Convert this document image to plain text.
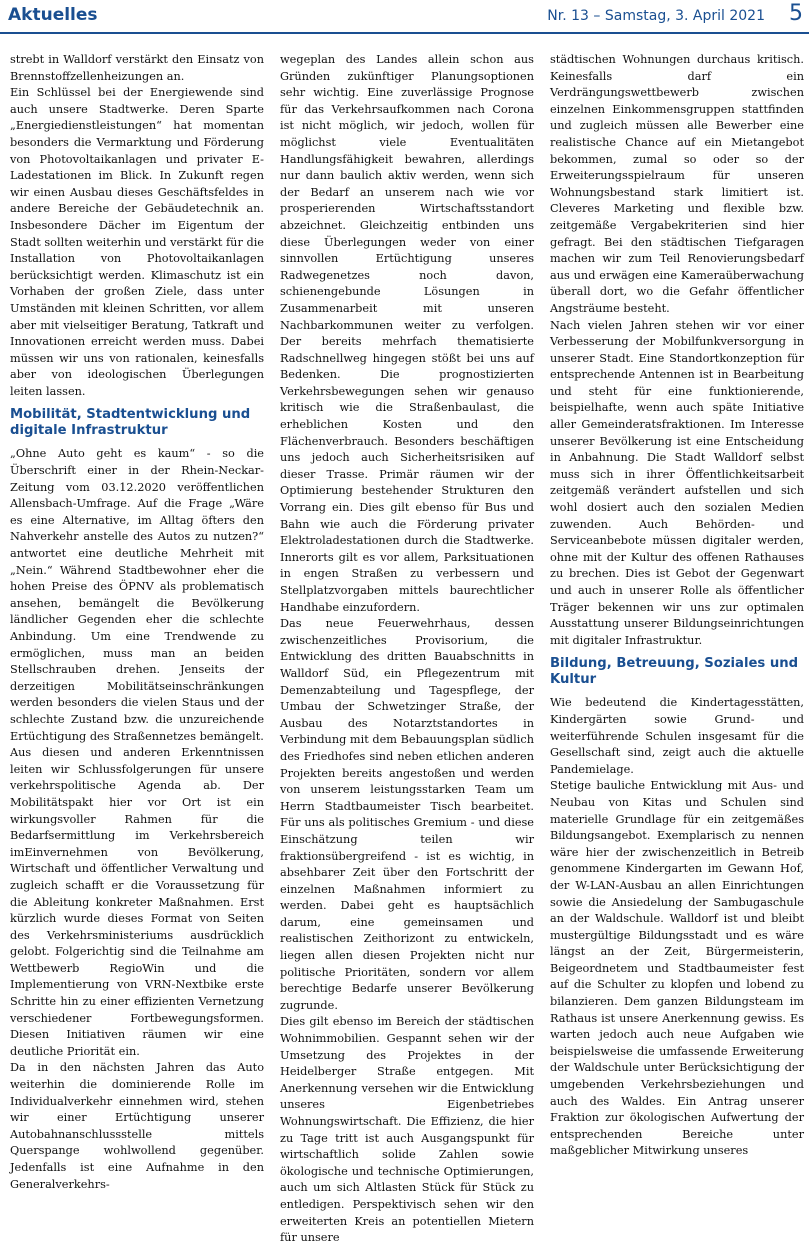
Aktuelles	Nr. 13 – Samstag, 3. April 2021 5

strebt in Walldorf verstärkt den Einsatz von Brennstoffzellenheizungen an.

Ein Schlüssel bei der Energiewende sind auch unsere Stadtwerke. Deren Sparte „Energiedienstleistungen“ hat momentan besonders die Vermarktung und Förderung von Photovoltaikanlagen und privater E-Ladestationen im Blick. In Zukunft regen wir einen Ausbau dieses Geschäftsfeldes in andere Bereiche der Gebäudetechnik an. Insbesondere Dächer im Eigentum der Stadt sollten weiterhin und verstärkt für die Installation von Photovoltaikanlagen berücksichtigt werden. Klimaschutz ist ein Vorhaben der großen Ziele, dass unter Umständen mit kleinen Schritten, vor allem aber mit vielseitiger Beratung, Tatkraft und Innovationen erreicht werden muss. Dabei müssen wir uns von rationalen, keinesfalls aber von ideologischen Überlegungen leiten lassen.

Mobilität, Stadtentwicklung und digitale Infrastruktur

„Ohne Auto geht es kaum“ - so die Überschrift einer in der Rhein-Neckar-Zeitung vom 03.12.2020 veröffentlichen Allensbach-Umfrage. Auf die Frage „Wäre es eine Alternative, im Alltag öfters den Nahverkehr anstelle des Autos zu nutzen?“ antwortet eine deutliche Mehrheit mit „Nein.“ Während Stadtbewohner eher die hohen Preise des ÖPNV als problematisch ansehen, bemängelt die Bevölkerung ländlicher Gegenden eher die schlechte Anbindung. Um eine Trendwende zu ermöglichen, muss man an beiden Stellschrauben drehen. Jenseits der derzeitigen Mobilitätseinschränkungen werden besonders die vielen Staus und der schlechte Zustand bzw. die unzureichende Ertüchtigung des Straßennetzes bemängelt.

Aus diesen und anderen Erkenntnissen leiten wir Schlussfolgerungen für unsere verkehrspolitische Agenda ab. Der Mobilitätspakt hier vor Ort ist ein wirkungsvoller Rahmen für die Bedarfsermittlung im Verkehrsbereich imEinvernehmen von Bevölkerung, Wirtschaft und öffentlicher Verwaltung und zugleich schafft er die Voraussetzung für die Ableitung konkreter Maßnahmen. Erst kürzlich wurde dieses Format von Seiten des Verkehrsministeriums ausdrücklich gelobt. Folgerichtig sind die Teilnahme am Wettbewerb RegioWin und die Implementierung von VRN-Nextbike erste Schritte hin zu einer effizienten Vernetzung verschiedener Fortbewegungsformen. Diesen Initiativen räumen wir eine deutliche Priorität ein.

Da in den nächsten Jahren das Auto weiterhin die dominierende Rolle im Individualverkehr einnehmen wird, stehen wir einer Ertüchtigung unserer Autobahnanschlussstelle mittels Querspange wohlwollend gegenüber. Jedenfalls ist eine Aufnahme in den Generalverkehrs-

wegeplan des Landes allein schon aus Gründen zukünftiger Planungsoptionen sehr wichtig. Eine zuverlässige Prognose für das Verkehrsaufkommen nach Corona ist nicht möglich, wir jedoch, wollen für möglichst viele Eventualitäten Handlungsfähigkeit bewahren, allerdings nur dann baulich aktiv werden, wenn sich der Bedarf an unserem nach wie vor prosperierenden Wirtschaftsstandort abzeichnet. Gleichzeitig entbinden uns diese Überlegungen weder von einer sinnvollen Ertüchtigung unseres Radwegenetzes noch davon, schienengebunde Lösungen in Zusammenarbeit mit unseren Nachbarkommunen weiter zu verfolgen. Der bereits mehrfach thematisierte Radschnellweg hingegen stößt bei uns auf Bedenken. Die prognostizierten Verkehrsbewegungen sehen wir genauso kritisch wie die Straßenbaulast, die erheblichen Kosten und den Flächenverbrauch. Besonders beschäftigen uns jedoch auch Sicherheitsrisiken auf dieser Trasse. Primär räumen wir der Optimierung bestehender Strukturen den Vorrang ein. Dies gilt ebenso für Bus und Bahn wie auch die Förderung privater Elektroladestationen durch die Stadtwerke. Innerorts gilt es vor allem, Parksituationen in engen Straßen zu verbessern und Stellplatzvorgaben mittels baurechtlicher Handhabe einzufordern.

Das neue Feuerwehrhaus, dessen zwischenzeitliches Provisorium, die Entwicklung des dritten Bauabschnitts in Walldorf Süd, ein Pflegezentrum mit Demenzabteilung und Tagespflege, der Umbau der Schwetzinger Straße, der Ausbau des Notarztstandortes in Verbindung mit dem Bebauungsplan südlich des Friedhofes sind neben etlichen anderen Projekten bereits angestoßen und werden von unserem leistungsstarken Team um Herrn Stadtbaumeister Tisch bearbeitet. Für uns als politisches Gremium - und diese Einschätzung teilen wir fraktionsübergreifend - ist es wichtig, in absehbarer Zeit über den Fortschritt der einzelnen Maßnahmen informiert zu werden. Dabei geht es hauptsächlich darum, eine gemeinsamen und realistischen Zeithorizont zu entwickeln, liegen allen diesen Projekten nicht nur politische Prioritäten, sondern vor allem berechtige Bedarfe unserer Bevölkerung zugrunde.

Dies gilt ebenso im Bereich der städtischen Wohnimmobilien. Gespannt sehen wir der Umsetzung des Projektes in der Heidelberger Straße entgegen. Mit Anerkennung versehen wir die Entwicklung unseres Eigenbetriebes Wohnungswirtschaft. Die Effizienz, die hier zu Tage tritt ist auch Ausgangspunkt für wirtschaftlich solide Zahlen sowie ökologische und technische Optimierungen, auch um sich Altlasten Stück für Stück zu entledigen. Perspektivisch sehen wir den erweiterten Kreis an potentiellen Mietern für unsere

städtischen Wohnungen durchaus kritisch. Keinesfalls darf ein Verdrängungswettbewerb zwischen einzelnen Einkommensgruppen stattfinden und zugleich müssen alle Bewerber eine realistische Chance auf ein Mietangebot bekommen, zumal so oder so der Erweiterungsspielraum für unseren Wohnungsbestand stark limitiert ist. Cleveres Marketing und flexible bzw. zeitgemäße Vergabekriterien sind hier gefragt. Bei den städtischen Tiefgaragen machen wir zum Teil Renovierungsbedarf aus und erwägen eine Kameraüberwachung überall dort, wo die Gefahr öffentlicher Angsträume besteht.

Nach vielen Jahren stehen wir vor einer Verbesserung der Mobilfunkversorgung in unserer Stadt. Eine Standortkonzeption für entsprechende Antennen ist in Bearbeitung und steht für eine funktionierende, beispielhafte, wenn auch späte Initiative aller Gemeinderatsfraktionen. Im Interesse unserer Bevölkerung ist eine Entscheidung in Anbahnung. Die Stadt Walldorf selbst muss sich in ihrer Öffentlichkeitsarbeit zeitgemäß verändert aufstellen und sich wohl dosiert auch den sozialen Medien zuwenden. Auch Behörden- und Serviceanbebote müssen digitaler werden, ohne mit der Kultur des offenen Rathauses zu brechen. Dies ist Gebot der Gegenwart und auch in unserer Rolle als öffentlicher Träger bekennen wir uns zur optimalen Ausstattung unserer Bildungseinrichtungen mit digitaler Infrastruktur.

Bildung, Betreuung, Soziales und Kultur

Wie bedeutend die Kindertagesstätten, Kindergärten sowie Grund- und weiterführende Schulen insgesamt für die Gesellschaft sind, zeigt auch die aktuelle Pandemielage.

Stetige bauliche Entwicklung mit Aus- und Neubau von Kitas und Schulen sind materielle Grundlage für ein zeitgemäßes Bildungsangebot. Exemplarisch zu nennen wäre hier der zwischenzeitlich in Betreib genommene Kindergarten im Gewann Hof, der W-LAN-Ausbau an allen Einrichtungen sowie die Ansiedelung der Sambugaschule an der Waldschule. Walldorf ist und bleibt mustergültige Bildungsstadt und es wäre längst an der Zeit, Bürgermeisterin, Beigeordnetem und Stadtbaumeister fest auf die Schulter zu klopfen und lobend zu bilanzieren. Dem ganzen Bildungsteam im Rathaus ist unsere Anerkennung gewiss. Es warten jedoch auch neue Aufgaben wie beispielsweise die umfassende Erweiterung der Waldschule unter Berücksichtigung der umgebenden Verkehrsbeziehungen und auch des Waldes. Ein Antrag unserer Fraktion zur ökologischen Aufwertung der entsprechenden Bereiche unter maßgeblicher Mitwirkung unseres
